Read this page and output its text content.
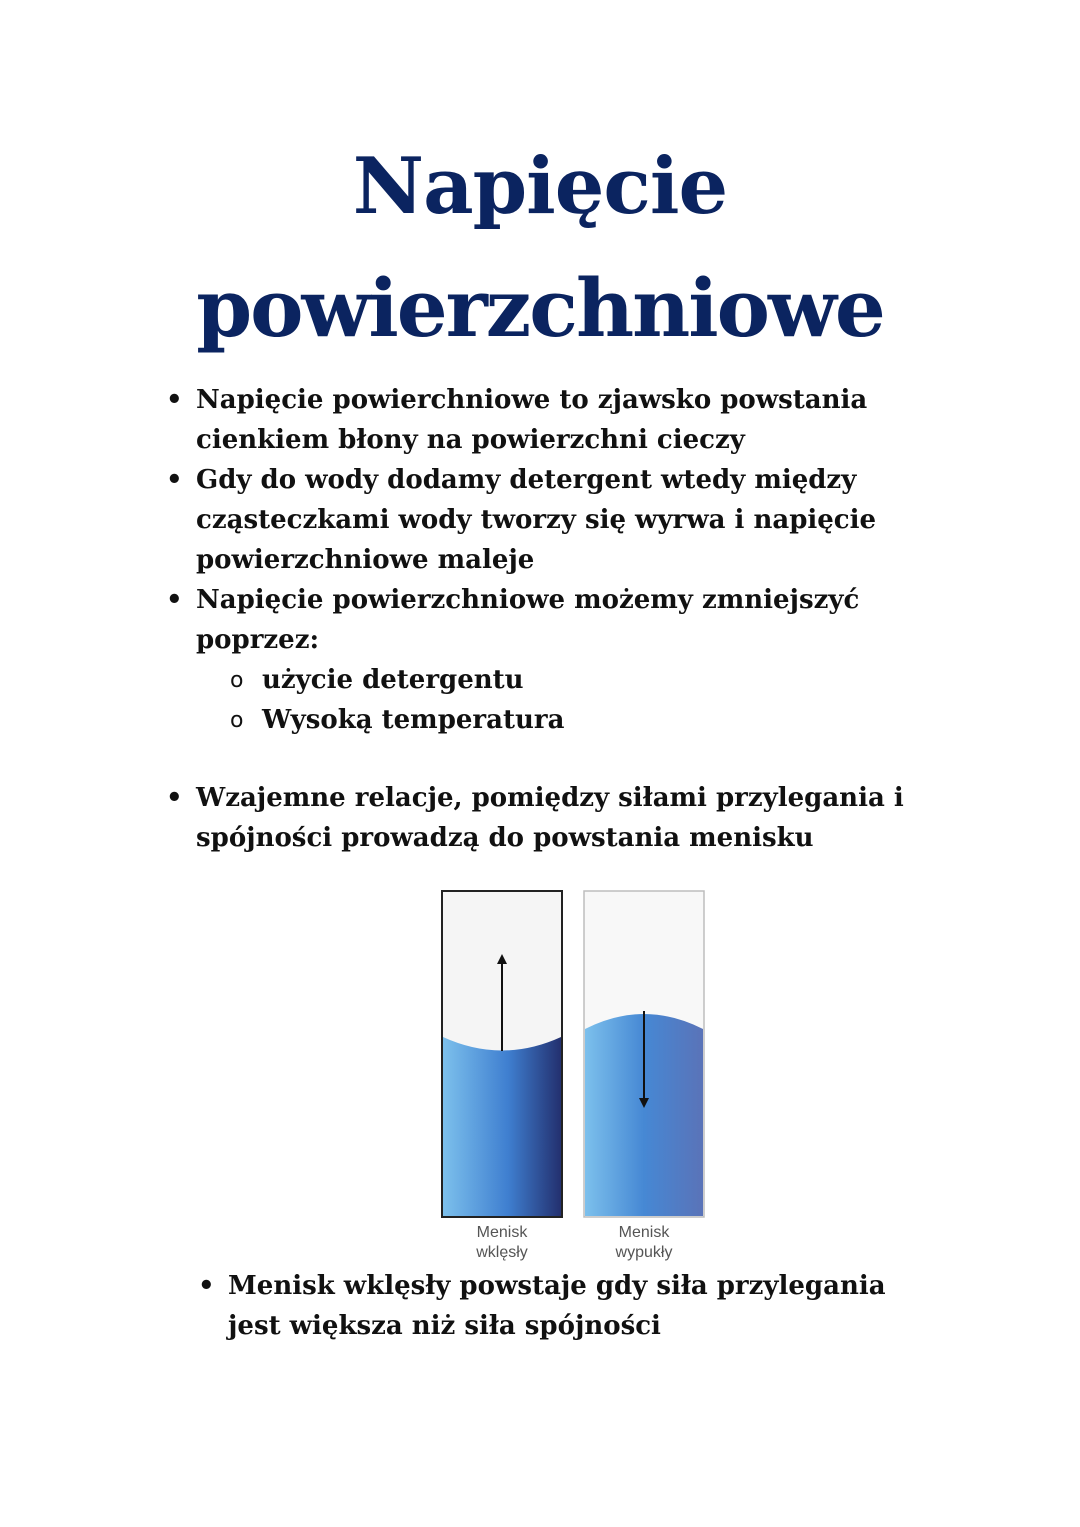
Napięcie
powierzchniowe
• Napięcie powierchniowe to zjawsko powstania cienkiem błony na powierzchni cieczy
• Gdy do wody dodamy detergent wtedy między cząsteczkami wody tworzy się wyrwa i napięcie powierzchniowe maleje
• Napięcie powierzchniowe możemy zmniejszyć poprzez:
o użycie detergentu
o Wysoką temperatura
• Wzajemne relacje, pomiędzy siłami przylegania i spójności prowadzą do powstania menisku
Menisk
wklęsły
Menisk
wypukły
• Menisk wklęsły powstaje gdy siła przylegania jest większa niż siła spójności
